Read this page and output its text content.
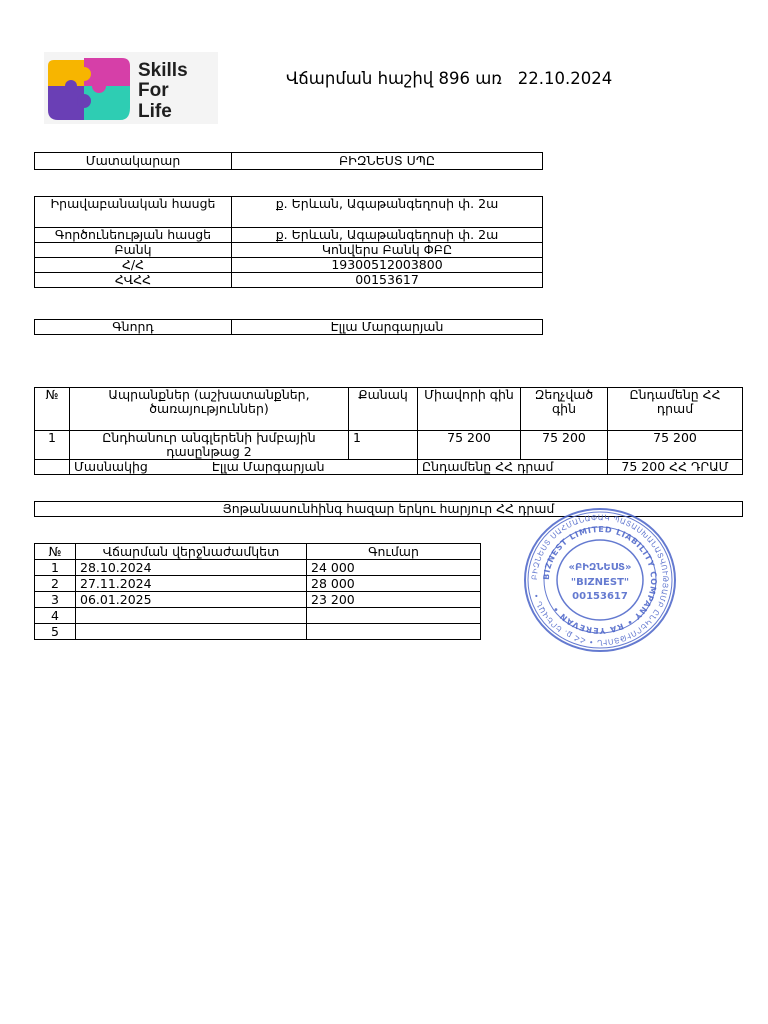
Skills
For
Life
Վճարման հաշիվ 896 առ 22.10.2024
Մատակարար	ԲԻԶՆԵՍՏ ՍՊԸ
Իրավաբանական հասցե	ք. Երևան, Ագաթանգեղոսի փ. 2ա
Գործունեության հասցե	ք. Երևան, Ագաթանգեղոսի փ. 2ա
Բանկ	Կոնվերս Բանկ ՓԲԸ
Հ/Հ	19300512003800
ՀՎՀՀ	00153617
Գնորդ	Էլլա Մարգարյան
№	Ապրանքներ (աշխատանքներ, ծառայություններ)	Քանակ	Միավորի գին	Զեղչված գին	Ընդամենը ՀՀ դրամ
1	Ընդհանուր անգլերենի խմբային դասընթաց 2	1	75 200	75 200	75 200
	Մասնակից Էլլա Մարգարյան		Ընդամենը ՀՀ դրամ		75 200 ՀՀ ԴՐԱՄ
Յոթանասունհինգ հազար երկու հարյուր ՀՀ դրամ
№	Վճարման վերջնաժամկետ	Գումար
1	28.10.2024	24 000
2	27.11.2024	28 000
3	06.01.2025	23 200
4		
5		
ԲԻԶՆԵՍՏ ՍԱՀՄԱՆԱՓԱԿ ՊԱՏԱՍԽԱՆԱՏՎՈՒԹՅԱՄԲ ԸՆԿԵՐՈՒԹՅՈՒՆ • ՀՀ ք. ԵՐԵՎԱՆ •
BIZNEST LIMITED LIABILITY COMPANY • RA YEREVAN •
«ԲԻԶՆԵՍՏ»
"BIZNEST"
00153617
